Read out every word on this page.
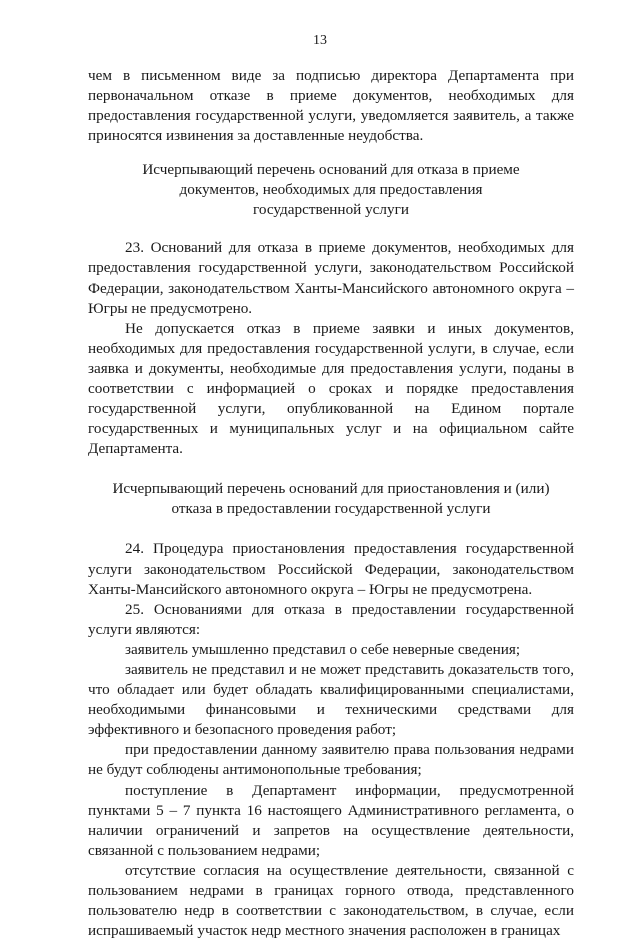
13

чем в письменном виде за подписью директора Департамента при первоначальном отказе в приеме документов, необходимых для предоставления государственной услуги, уведомляется заявитель, а также приносятся извинения за доставленные неудобства.

Исчерпывающий перечень оснований для отказа в приеме документов, необходимых для предоставления государственной услуги

23. Оснований для отказа в приеме документов, необходимых для предоставления государственной услуги, законодательством Российской Федерации, законодательством Ханты-Мансийского автономного округа – Югры не предусмотрено.

Не допускается отказ в приеме заявки и иных документов, необходимых для предоставления государственной услуги, в случае, если заявка и документы, необходимые для предоставления услуги, поданы в соответствии с информацией о сроках и порядке предоставления государственной услуги, опубликованной на Едином портале государственных и муниципальных услуг и на официальном сайте Департамента.

Исчерпывающий перечень оснований для приостановления и (или) отказа в предоставлении государственной услуги

24. Процедура приостановления предоставления государственной услуги законодательством Российской Федерации, законодательством Ханты-Мансийского автономного округа – Югры не предусмотрена.

25. Основаниями для отказа в предоставлении государственной услуги являются:

заявитель умышленно представил о себе неверные сведения;

заявитель не представил и не может представить доказательств того, что обладает или будет обладать квалифицированными специалистами, необходимыми финансовыми и техническими средствами для эффективного и безопасного проведения работ;

при предоставлении данному заявителю права пользования недрами не будут соблюдены антимонопольные требования;

поступление в Департамент информации, предусмотренной пунктами 5 – 7 пункта 16 настоящего Административного регламента, о наличии ограничений и запретов на осуществление деятельности, связанной с пользованием недрами;

отсутствие согласия на осуществление деятельности, связанной с пользованием недрами в границах горного отвода, представленного пользователю недр в соответствии с законодательством, в случае, если испрашиваемый участок недр местного значения расположен в границах
